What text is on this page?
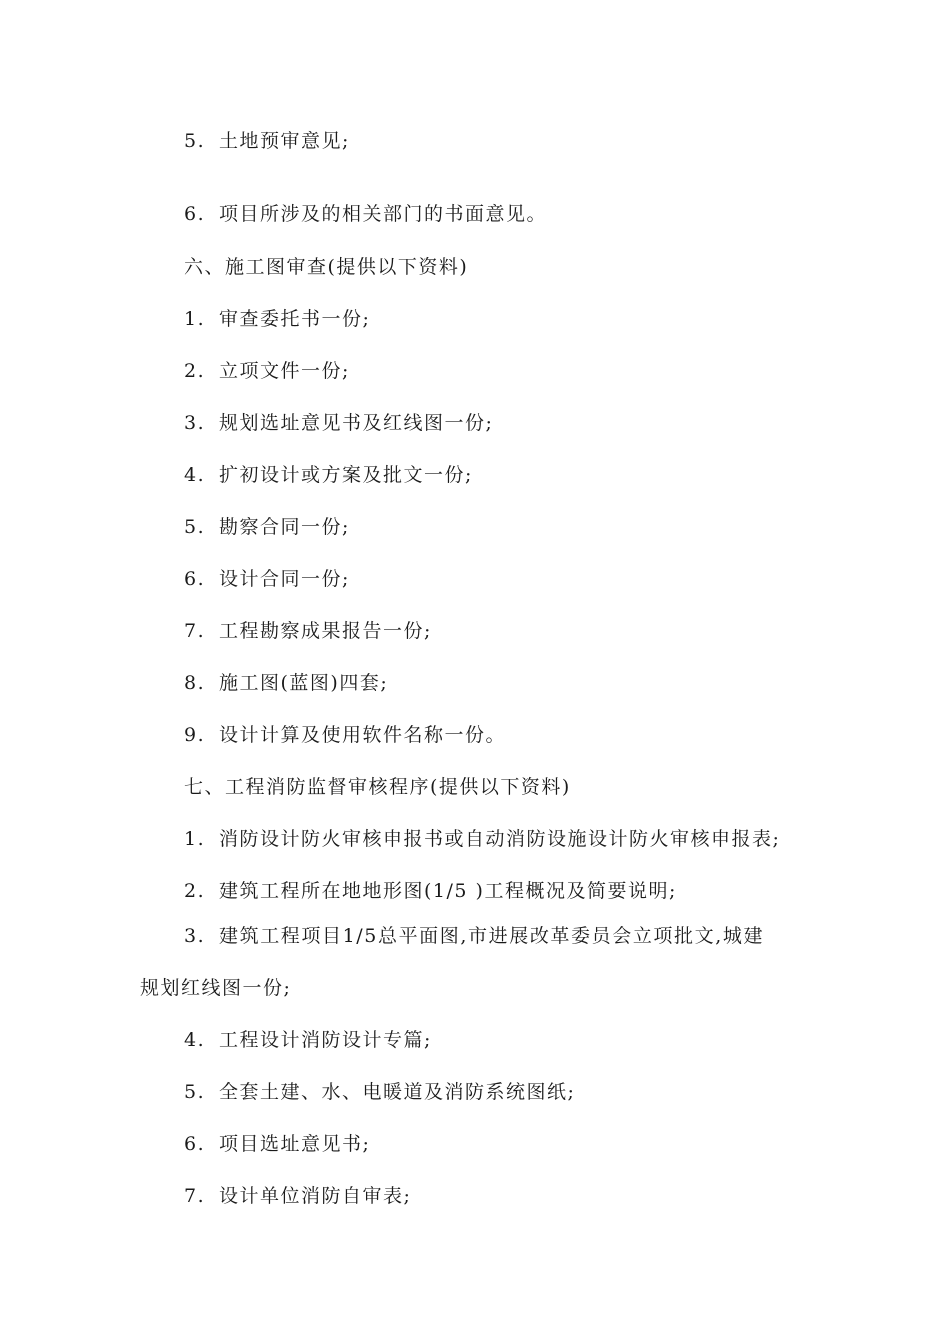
5. 土地预审意见;
6. 项目所涉及的相关部门的书面意见。
六、施工图审查(提供以下资料)
1. 审查委托书一份;
2. 立项文件一份;
3. 规划选址意见书及红线图一份;
4. 扩初设计或方案及批文一份;
5. 勘察合同一份;
6. 设计合同一份;
7. 工程勘察成果报告一份;
8. 施工图(蓝图)四套;
9. 设计计算及使用软件名称一份。
七、工程消防监督审核程序(提供以下资料)
1. 消防设计防火审核申报书或自动消防设施设计防火审核申报表;
2. 建筑工程所在地地形图(1/5 )工程概况及简要说明;
3. 建筑工程项目1/5总平面图,市进展改革委员会立项批文,城建
规划红线图一份;
4. 工程设计消防设计专篇;
5. 全套土建、水、电暖道及消防系统图纸;
6. 项目选址意见书;
7. 设计单位消防自审表;
